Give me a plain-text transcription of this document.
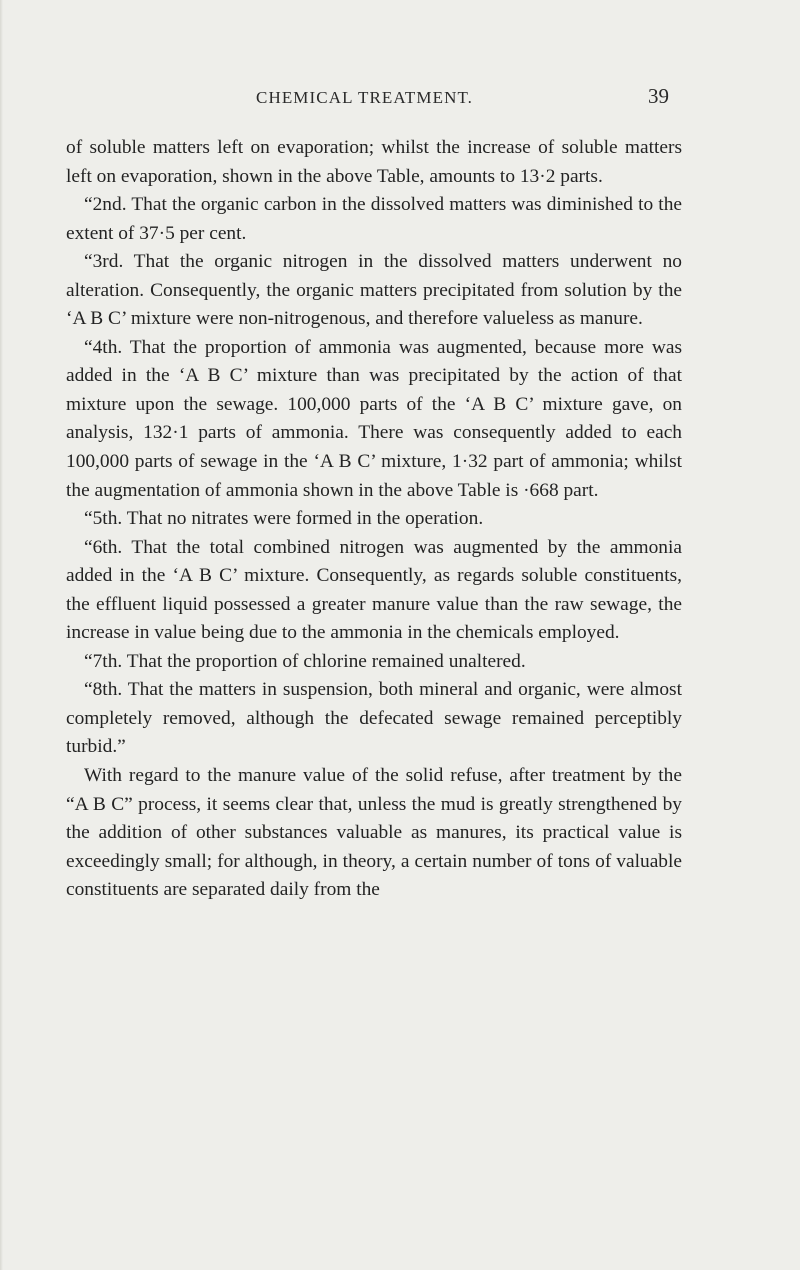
CHEMICAL TREATMENT.	39

of soluble matters left on evaporation; whilst the increase of soluble matters left on evaporation, shown in the above Table, amounts to 13·2 parts.

“2nd. That the organic carbon in the dissolved matters was diminished to the extent of 37·5 per cent.

“3rd. That the organic nitrogen in the dissolved matters underwent no alteration. Consequently, the organic matters precipitated from solution by the ‘A B C’ mixture were non-nitrogenous, and therefore valueless as manure.

“4th. That the proportion of ammonia was augmented, because more was added in the ‘A B C’ mixture than was precipitated by the action of that mixture upon the sewage. 100,000 parts of the ‘A B C’ mixture gave, on analysis, 132·1 parts of ammonia. There was consequently added to each 100,000 parts of sewage in the ‘A B C’ mixture, 1·32 part of ammonia; whilst the augmentation of ammonia shown in the above Table is ·668 part.

“5th. That no nitrates were formed in the operation.

“6th. That the total combined nitrogen was augmented by the ammonia added in the ‘A B C’ mixture. Consequently, as regards soluble constituents, the effluent liquid possessed a greater manure value than the raw sewage, the increase in value being due to the ammonia in the chemicals employed.

“7th. That the proportion of chlorine remained unaltered.

“8th. That the matters in suspension, both mineral and organic, were almost completely removed, although the defecated sewage remained perceptibly turbid.”

With regard to the manure value of the solid refuse, after treatment by the “A B C” process, it seems clear that, unless the mud is greatly strengthened by the addition of other substances valuable as manures, its practical value is exceedingly small; for although, in theory, a certain number of tons of valuable constituents are separated daily from the
